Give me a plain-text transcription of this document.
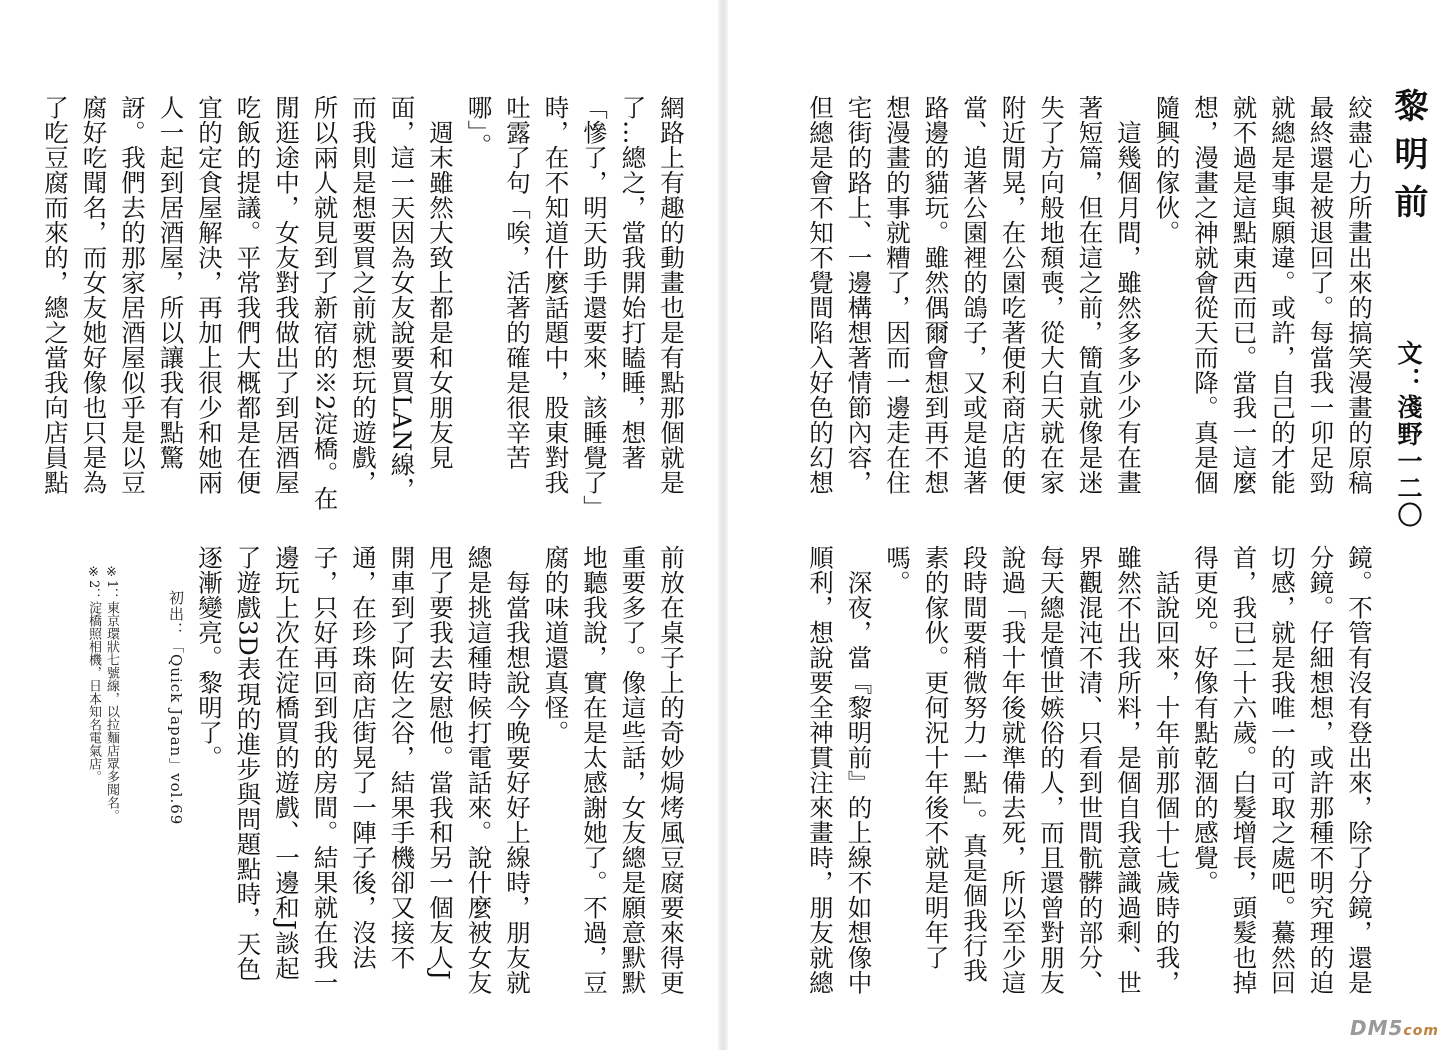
黎明前
文：淺野一二〇

絞盡心力所畫出來的搞笑漫畫的原稿最終還是被退回了。每當我一卯足勁就總是事與願違。或許，自己的才能就不過是這點東西而已。當我一這麼想，漫畫之神就會從天而降。真是個隨興的傢伙。

這幾個月間，雖然多多少少有在畫著短篇，但在這之前，簡直就像是迷失了方向般地頹喪，從大白天就在家附近閒晃，在公園吃著便利商店的便當、追著公園裡的鴿子，又或是追著路邊的貓玩。雖然偶爾會想到再不想想漫畫的事就糟了，因而一邊走在住宅街的路上、一邊構想著情節內容，但總是會不知不覺間陷入好色的幻想

鏡。不管有沒有登出來，除了分鏡，還是分鏡。仔細想想，或許那種不明究理的迫切感，就是我唯一的可取之處吧。驀然回首，我已二十六歲。白髮增長，頭髮也掉得更兇。好像有點乾涸的感覺。

話說回來，十年前那個十七歲時的我，雖然不出我所料，是個自我意識過剩、世界觀混沌不清、只看到世間骯髒的部分、每天總是憤世嫉俗的人，而且還曾對朋友說過「我十年後就準備去死，所以至少這段時間要稍微努力一點」。真是個我行我素的傢伙。更何況十年後不就是明年了嗎。

深夜，當『黎明前』的上線不如想像中順利，想說要全神貫注來畫時，朋友就總

網路上有趣的動畫也是有點那個就是了…總之，當我開始打瞌睡，想著「慘了，明天助手還要來，該睡覺了」時，在不知道什麼話題中，股東對我吐露了句「唉，活著的確是很辛苦哪」。

週末雖然大致上都是和女朋友見面，這一天因為女友說要買LAN線，而我則是想要買之前就想玩的遊戲，所以兩人就見到了新宿的※2淀橋。在閒逛途中，女友對我做出了到居酒屋吃飯的提議。平常我們大概都是在便宜的定食屋解決，再加上很少和她兩人一起到居酒屋，所以讓我有點驚訝。我們去的那家居酒屋似乎是以豆腐好吃聞名，而女友她好像也只是為了吃豆腐而來的，總之當我向店員點

前放在桌子上的奇妙焗烤風豆腐要來得更重要多了。像這些話，女友總是願意默默地聽我說，實在是太感謝她了。不過，豆腐的味道還真怪。

每當我想說今晚要好好上線時，朋友就總是挑這種時候打電話來。說什麼被女友甩了要我去安慰他。當我和另一個友人J開車到了阿佐之谷，結果手機卻又接不通，在珍珠商店街晃了一陣子後，沒法子，只好再回到我的房間。結果就在我一邊玩上次在淀橋買的遊戲、一邊和J談起了遊戲3D表現的進步與問題點時，天色逐漸變亮。黎明了。

初出：「Quick Japan」vol.69
※1：東京環狀七號線，以拉麵店眾多聞名。
※2：淀橋照相機，日本知名電氣店。
DM5com
